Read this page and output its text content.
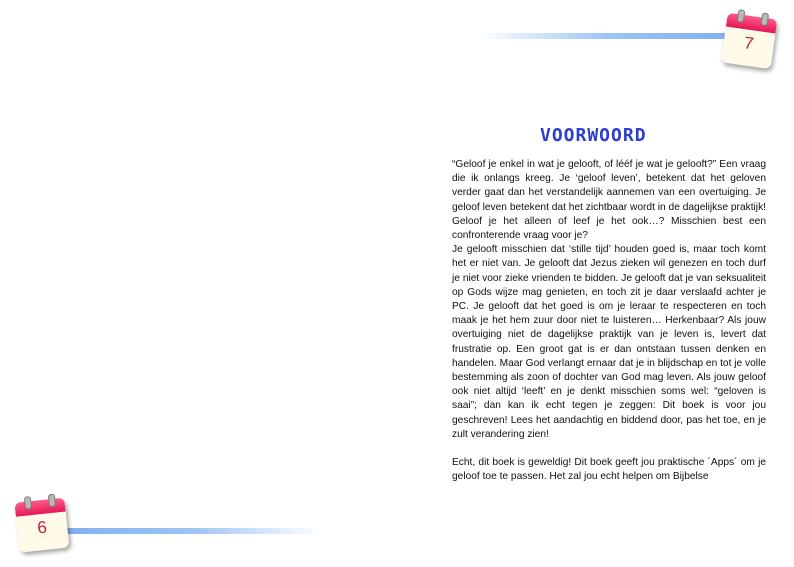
7
6
VOORWOORD

“Geloof je enkel in wat je gelooft, of lééf je wat je gelooft?” Een vraag die ik onlangs kreeg. Je ‘geloof leven’, betekent dat het geloven verder gaat dan het verstandelijk aannemen van een overtuiging. Je geloof leven betekent dat het zichtbaar wordt in de dagelijkse praktijk! Geloof je het alleen of leef je het ook…? Misschien best een confronterende vraag voor je?

Je gelooft misschien dat ‘stille tijd’ houden goed is, maar toch komt het er niet van. Je gelooft dat Jezus zieken wil genezen en toch durf je niet voor zieke vrienden te bidden. Je gelooft dat je van seksualiteit op Gods wijze mag genieten, en toch zit je daar verslaafd achter je PC. Je gelooft dat het goed is om je leraar te respecteren en toch maak je het hem zuur door niet te luisteren… Herkenbaar? Als jouw overtuiging niet de dagelijkse praktijk van je leven is, levert dat frustratie op. Een groot gat is er dan ontstaan tussen denken en handelen. Maar God verlangt ernaar dat je in blijdschap en tot je volle bestemming als zoon of dochter van God mag leven. Als jouw geloof ook niet altijd ‘leeft’ en je denkt misschien soms wel: “geloven is saai”; dan kan ik echt tegen je zeggen: Dit boek is voor jou geschreven! Lees het aandachtig en biddend door, pas het toe, en je zult verandering zien!

Echt, dit boek is geweldig! Dit boek geeft jou praktische ´Apps´ om je geloof toe te passen. Het zal jou echt helpen om Bijbelse
